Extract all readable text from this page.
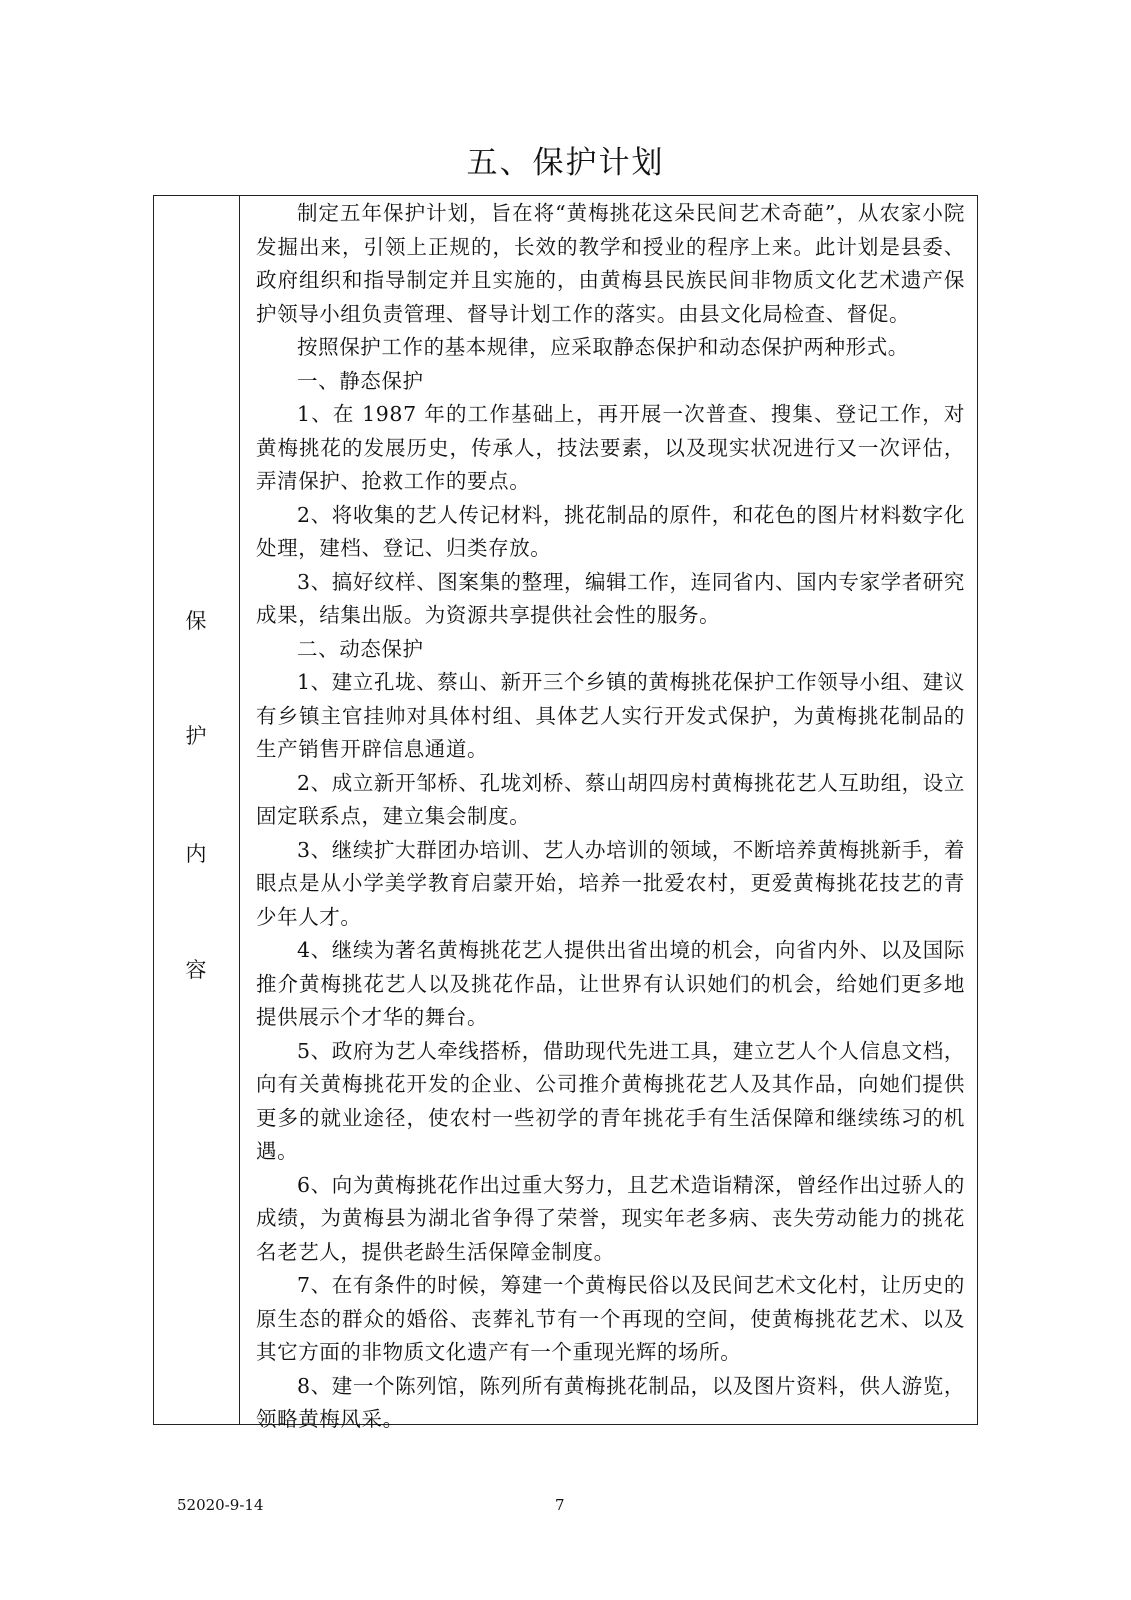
五、保护计划
保
护
内
容

制定五年保护计划，旨在将“黄梅挑花这朵民间艺术奇葩”，从农家小院发掘出来，引领上正规的，长效的教学和授业的程序上来。此计划是县委、政府组织和指导制定并且实施的，由黄梅县民族民间非物质文化艺术遗产保护领导小组负责管理、督导计划工作的落实。由县文化局检查、督促。

按照保护工作的基本规律，应采取静态保护和动态保护两种形式。

一、静态保护

1、在 1987 年的工作基础上，再开展一次普查、搜集、登记工作，对黄梅挑花的发展历史，传承人，技法要素，以及现实状况进行又一次评估，弄清保护、抢救工作的要点。

2、将收集的艺人传记材料，挑花制品的原件，和花色的图片材料数字化处理，建档、登记、归类存放。

3、搞好纹样、图案集的整理，编辑工作，连同省内、国内专家学者研究成果，结集出版。为资源共享提供社会性的服务。

二、动态保护

1、建立孔垅、蔡山、新开三个乡镇的黄梅挑花保护工作领导小组、建议有乡镇主官挂帅对具体村组、具体艺人实行开发式保护，为黄梅挑花制品的生产销售开辟信息通道。

2、成立新开邹桥、孔垅刘桥、蔡山胡四房村黄梅挑花艺人互助组，设立固定联系点，建立集会制度。

3、继续扩大群团办培训、艺人办培训的领域，不断培养黄梅挑新手，着眼点是从小学美学教育启蒙开始，培养一批爱农村，更爱黄梅挑花技艺的青少年人才。

4、继续为著名黄梅挑花艺人提供出省出境的机会，向省内外、以及国际推介黄梅挑花艺人以及挑花作品，让世界有认识她们的机会，给她们更多地提供展示个才华的舞台。

5、政府为艺人牵线搭桥，借助现代先进工具，建立艺人个人信息文档，向有关黄梅挑花开发的企业、公司推介黄梅挑花艺人及其作品，向她们提供更多的就业途径，使农村一些初学的青年挑花手有生活保障和继续练习的机遇。

6、向为黄梅挑花作出过重大努力，且艺术造诣精深，曾经作出过骄人的成绩，为黄梅县为湖北省争得了荣誉，现实年老多病、丧失劳动能力的挑花名老艺人，提供老龄生活保障金制度。

7、在有条件的时候，筹建一个黄梅民俗以及民间艺术文化村，让历史的原生态的群众的婚俗、丧葬礼节有一个再现的空间，使黄梅挑花艺术、以及其它方面的非物质文化遗产有一个重现光辉的场所。

8、建一个陈列馆，陈列所有黄梅挑花制品，以及图片资料，供人游览，领略黄梅风采。

52020-9-14	7
